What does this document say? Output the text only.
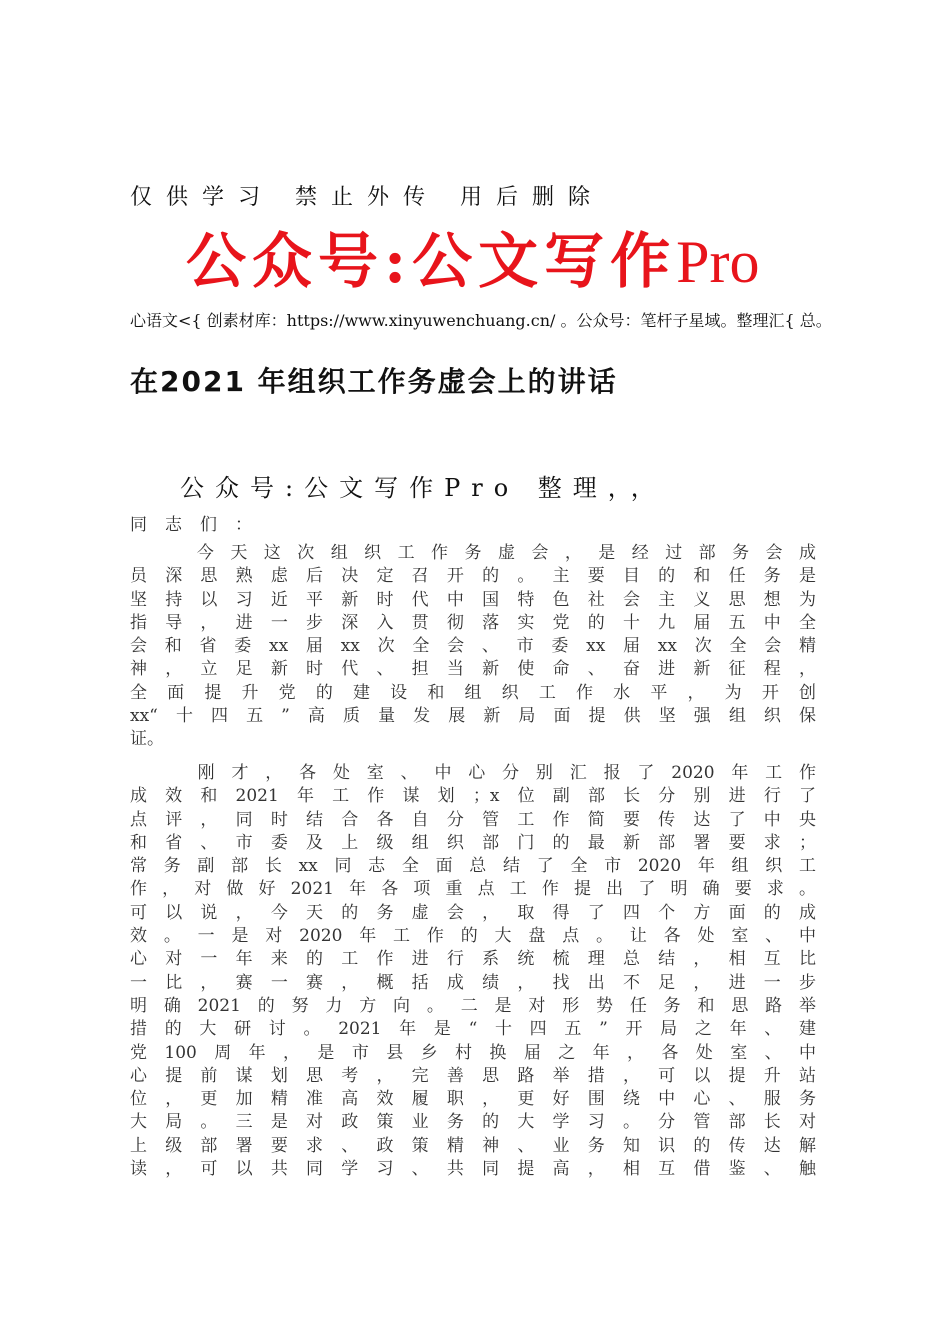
仅供学习 禁止外传 用后删除
公众号:公文写作Pro
心语文<{ 创素材库：https://www.xinyuwenchuang.cn/ 。公众号：笔杆子星域。整理汇{ 总。
在2021 年组织工作务虚会上的讲话
公众号:公文写作Pro 整理，，
同志们：
　　今天这次组织工作务虚会，是经过部务会成
员深思熟虑后决定召开的。主要目的和任务是
坚持以习近平新时代中国特色社会主义思想为
指导，进一步深入贯彻落实党的十九届五中全
会和省委xx届xx次全会、市委xx届xx次全会精
神，立足新时代、担当新使命、奋进新征程，
全面提升党的建设和组织工作水平，为开创
xx“十四五”高质量发展新局面提供坚强组织保
证。
　　刚才，各处室、中心分别汇报了2020年工作
成效和2021年工作谋划；x位副部长分别进行了
点评，同时结合各自分管工作简要传达了中央
和省、市委及上级组织部门的最新部署要求；
常务副部长xx同志全面总结了全市2020年组织工
作，对做好2021年各项重点工作提出了明确要求。
可以说，今天的务虚会，取得了四个方面的成
效。一是对2020年工作的大盘点。让各处室、中
心对一年来的工作进行系统梳理总结，相互比
一比，赛一赛，概括成绩，找出不足，进一步
明确2021的努力方向。二是对形势任务和思路举
措的大研讨。2021年是“十四五”开局之年、建
党100周年，是市县乡村换届之年，各处室、中
心提前谋划思考，完善思路举措，可以提升站
位，更加精准高效履职，更好围绕中心、服务
大局。三是对政策业务的大学习。分管部长对
上级部署要求、政策精神、业务知识的传达解
读，可以共同学习、共同提高，相互借鉴、触
